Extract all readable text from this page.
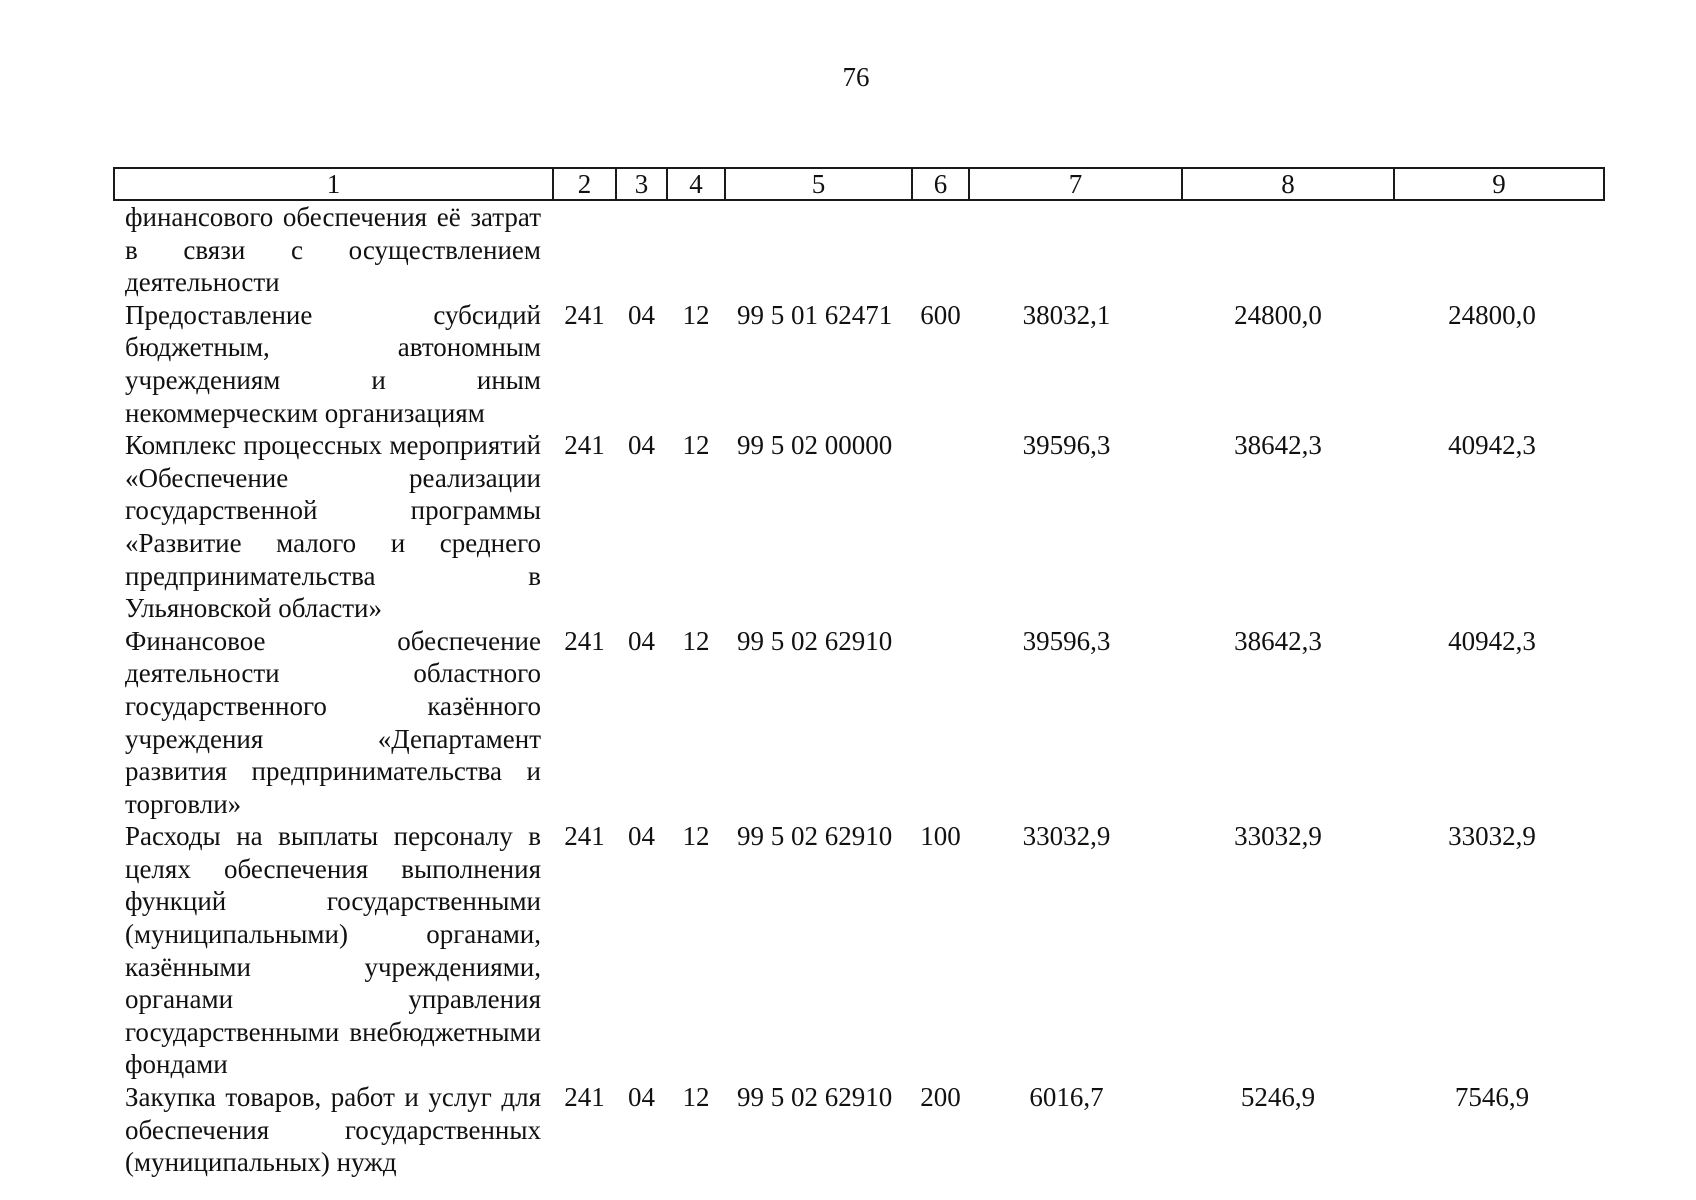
76
1	2	3	4	5	6	7	8	9
финансового обеспечения её затрат в связи с осуществлением деятельности								
Предоставление субсидий бюджетным, автономным учреждениям и иным некоммерческим организациям	241	04	12	99 5 01 62471	600	38032,1	24800,0	24800,0
Комплекс процессных мероприятий «Обеспечение реализации государственной программы «Развитие малого и среднего предпринимательства в Ульяновской области»	241	04	12	99 5 02 00000		39596,3	38642,3	40942,3
Финансовое обеспечение деятельности областного государственного казённого учреждения «Департамент развития предпринимательства и торговли»	241	04	12	99 5 02 62910		39596,3	38642,3	40942,3
Расходы на выплаты персоналу в целях обеспечения выполнения функций государственными (муниципальными) органами, казёнными учреждениями, органами управления государственными внебюджетными фондами	241	04	12	99 5 02 62910	100	33032,9	33032,9	33032,9
Закупка товаров, работ и услуг для обеспечения государственных (муниципальных) нужд	241	04	12	99 5 02 62910	200	6016,7	5246,9	7546,9
